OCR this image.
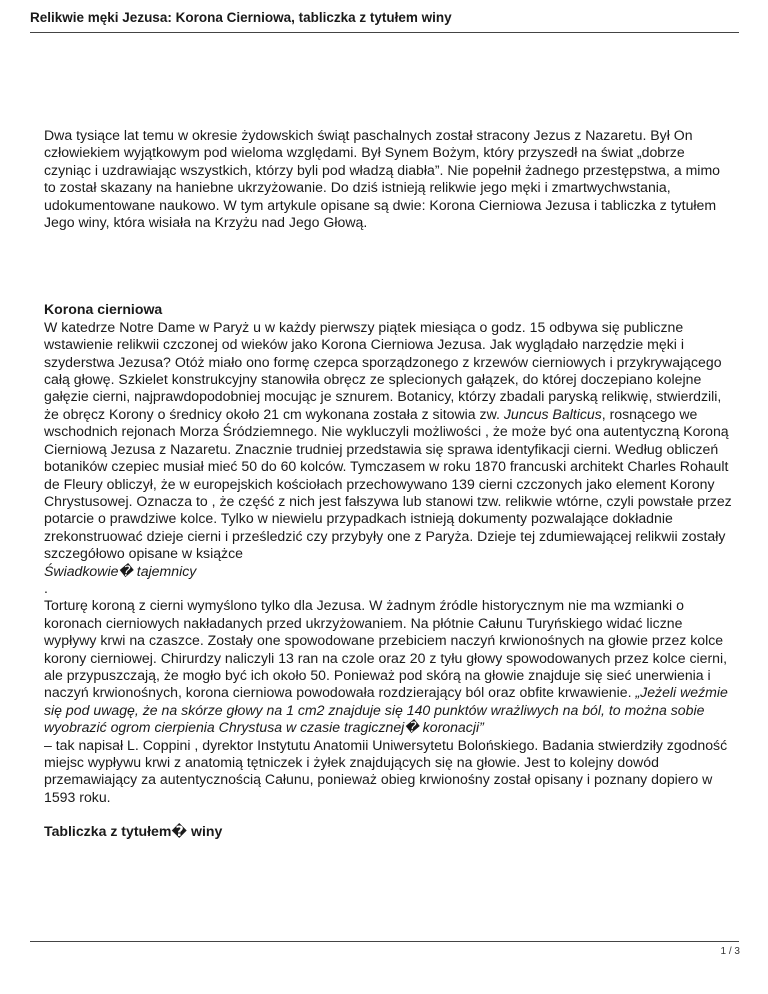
Relikwie męki Jezusa: Korona Cierniowa, tabliczka z tytułem winy

Dwa tysiące lat temu w okresie żydowskich świąt paschalnych został stracony Jezus z Nazaretu. Był On człowiekiem wyjątkowym pod wieloma względami. Był Synem Bożym, który przyszedł na świat „dobrze czyniąc i uzdrawiając wszystkich, którzy byli pod władzą diabła”. Nie popełnił żadnego przestępstwa, a mimo to został skazany na haniebne ukrzyżowanie. Do dziś istnieją relikwie jego męki i zmartwychwstania, udokumentowane naukowo. W tym artykule opisane są dwie: Korona Cierniowa Jezusa i tabliczka z tytułem Jego winy, która wisiała na Krzyżu nad Jego Głową.

Korona cierniowa

W katedrze Notre Dame w Paryż u w każdy pierwszy piątek miesiąca o godz. 15 odbywa się publiczne wstawienie relikwii czczonej od wieków jako Korona Cierniowa Jezusa. Jak wyglądało narzędzie męki i szyderstwa Jezusa? Otóż miało ono formę czepca sporządzonego z krzewów cierniowych i przykrywającego całą głowę. Szkielet konstrukcyjny stanowiła obręcz ze splecionych gałązek, do której doczepiano kolejne gałęzie cierni, najprawdopodobniej mocując je sznurem. Botanicy, którzy zbadali paryską relikwię, stwierdzili, że obręcz Korony o średnicy około 21 cm wykonana została z sitowia zw. Juncus Balticus, rosnącego we wschodnich rejonach Morza Śródziemnego. Nie wykluczyli możliwości , że może być ona autentyczną Koroną Cierniową Jezusa z Nazaretu. Znacznie trudniej przedstawia się sprawa identyfikacji cierni. Według obliczeń botaników czepiec musiał mieć 50 do 60 kolców. Tymczasem w roku 1870 francuski architekt Charles Rohault de Fleury obliczył, że w europejskich kościołach przechowywano 139 cierni czczonych jako element Korony Chrystusowej. Oznacza to , że część z nich jest fałszywa lub stanowi tzw. relikwie wtórne, czyli powstałe przez potarcie o prawdziwe kolce. Tylko w niewielu przypadkach istnieją dokumenty pozwalające dokładnie zrekonstruować dzieje cierni i prześledzić czy przybyły one z Paryża. Dzieje tej zdumiewającej relikwii zostały szczegółowo opisane w książce

Świadkowie� tajemnicy

.

Torturę koroną z cierni wymyślono tylko dla Jezusa. W żadnym źródle historycznym nie ma wzmianki o koronach cierniowych nakładanych przed ukrzyżowaniem. Na płótnie Całunu Turyńskiego widać liczne wypływy krwi na czaszce. Zostały one spowodowane przebiciem naczyń krwionośnych na głowie przez kolce korony cierniowej. Chirurdzy naliczyli 13 ran na czole oraz 20 z tyłu głowy spowodowanych przez kolce cierni, ale przypuszczają, że mogło być ich około 50. Ponieważ pod skórą na głowie znajduje się sieć unerwienia i naczyń krwionośnych, korona cierniowa powodowała rozdzierający ból oraz obfite krwawienie. „Jeżeli weźmie się pod uwagę, że na skórze głowy na 1 cm2 znajduje się 140 punktów wrażliwych na ból, to można sobie wyobrazić ogrom cierpienia Chrystusa w czasie tragicznej� koronacji”

– tak napisał L. Coppini , dyrektor Instytutu Anatomii Uniwersytetu Bolońskiego. Badania stwierdziły zgodność miejsc wypływu krwi z anatomią tętniczek i żyłek znajdujących się na głowie. Jest to kolejny dowód przemawiający za autentycznością Całunu, ponieważ obieg krwionośny został opisany i poznany dopiero w 1593 roku.

Tabliczka z tytułem� winy

1 / 3
